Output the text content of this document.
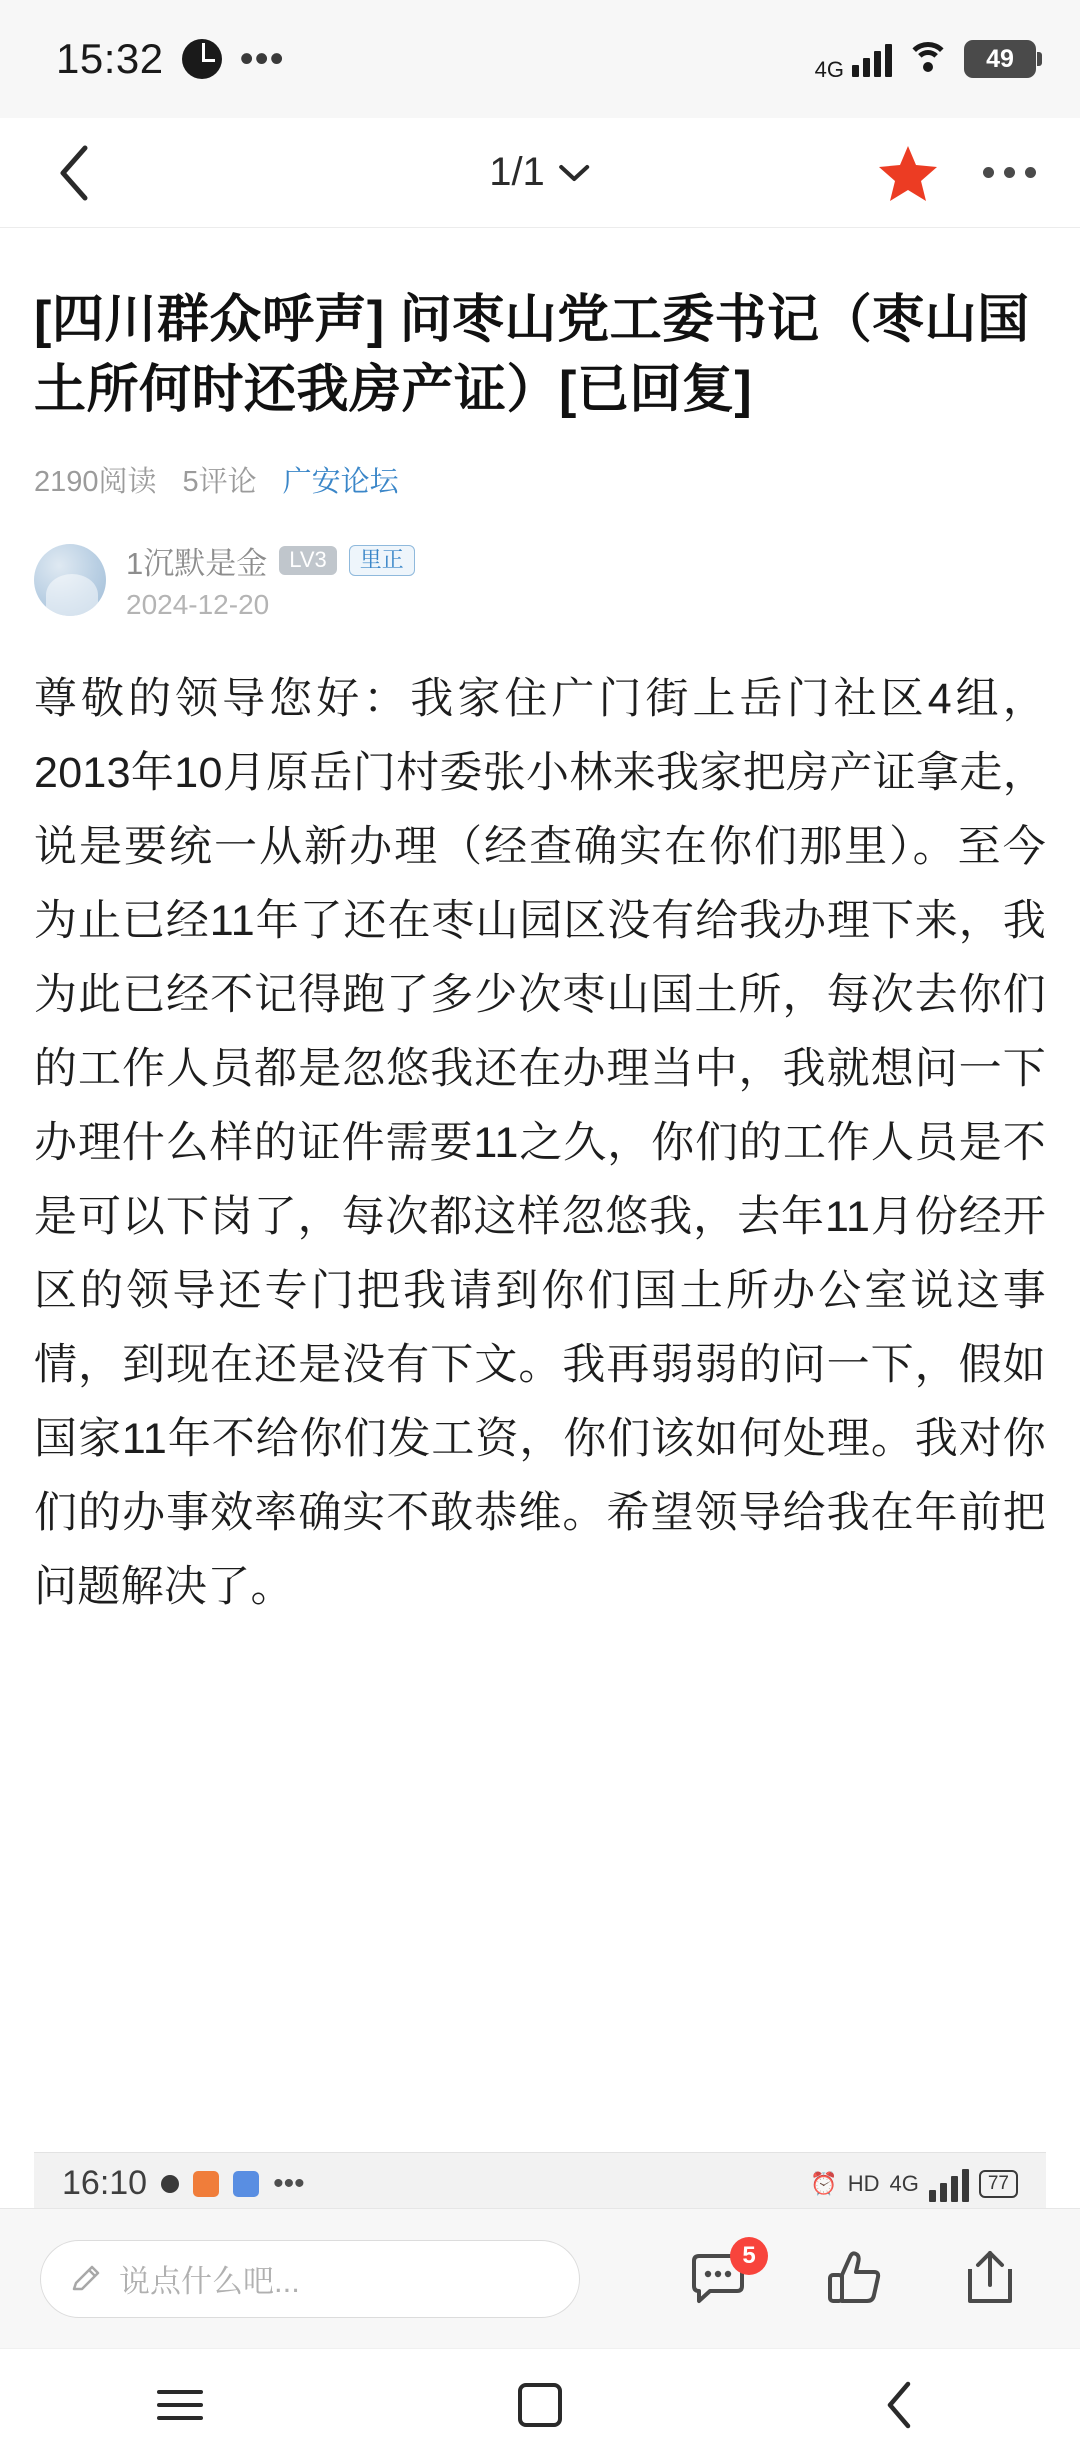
15:32 •••	4G	49
1/1
[四川群众呼声] 问枣山党工委书记（枣山国土所何时还我房产证）[已回复]
2190阅读 5评论 广安论坛
1沉默是金	LV3	里正
2024-12-20
尊敬的领导您好：我家住广门街上岳门社区4组，2013年10月原岳门村委张小林来我家把房产证拿走，说是要统一从新办理（经查确实在你们那里）。至今为止已经11年了还在枣山园区没有给我办理下来，我为此已经不记得跑了多少次枣山国土所，每次去你们的工作人员都是忽悠我还在办理当中，我就想问一下办理什么样的证件需要11之久，你们的工作人员是不是可以下岗了，每次都这样忽悠我，去年11月份经开区的领导还专门把我请到你们国土所办公室说这事情，到现在还是没有下文。我再弱弱的问一下，假如国家11年不给你们发工资，你们该如何处理。我对你们的办事效率确实不敢恭维。希望领导给我在年前把问题解决了。
16:10	•••	⏰ HD 4G	77
说点什么吧...
5
